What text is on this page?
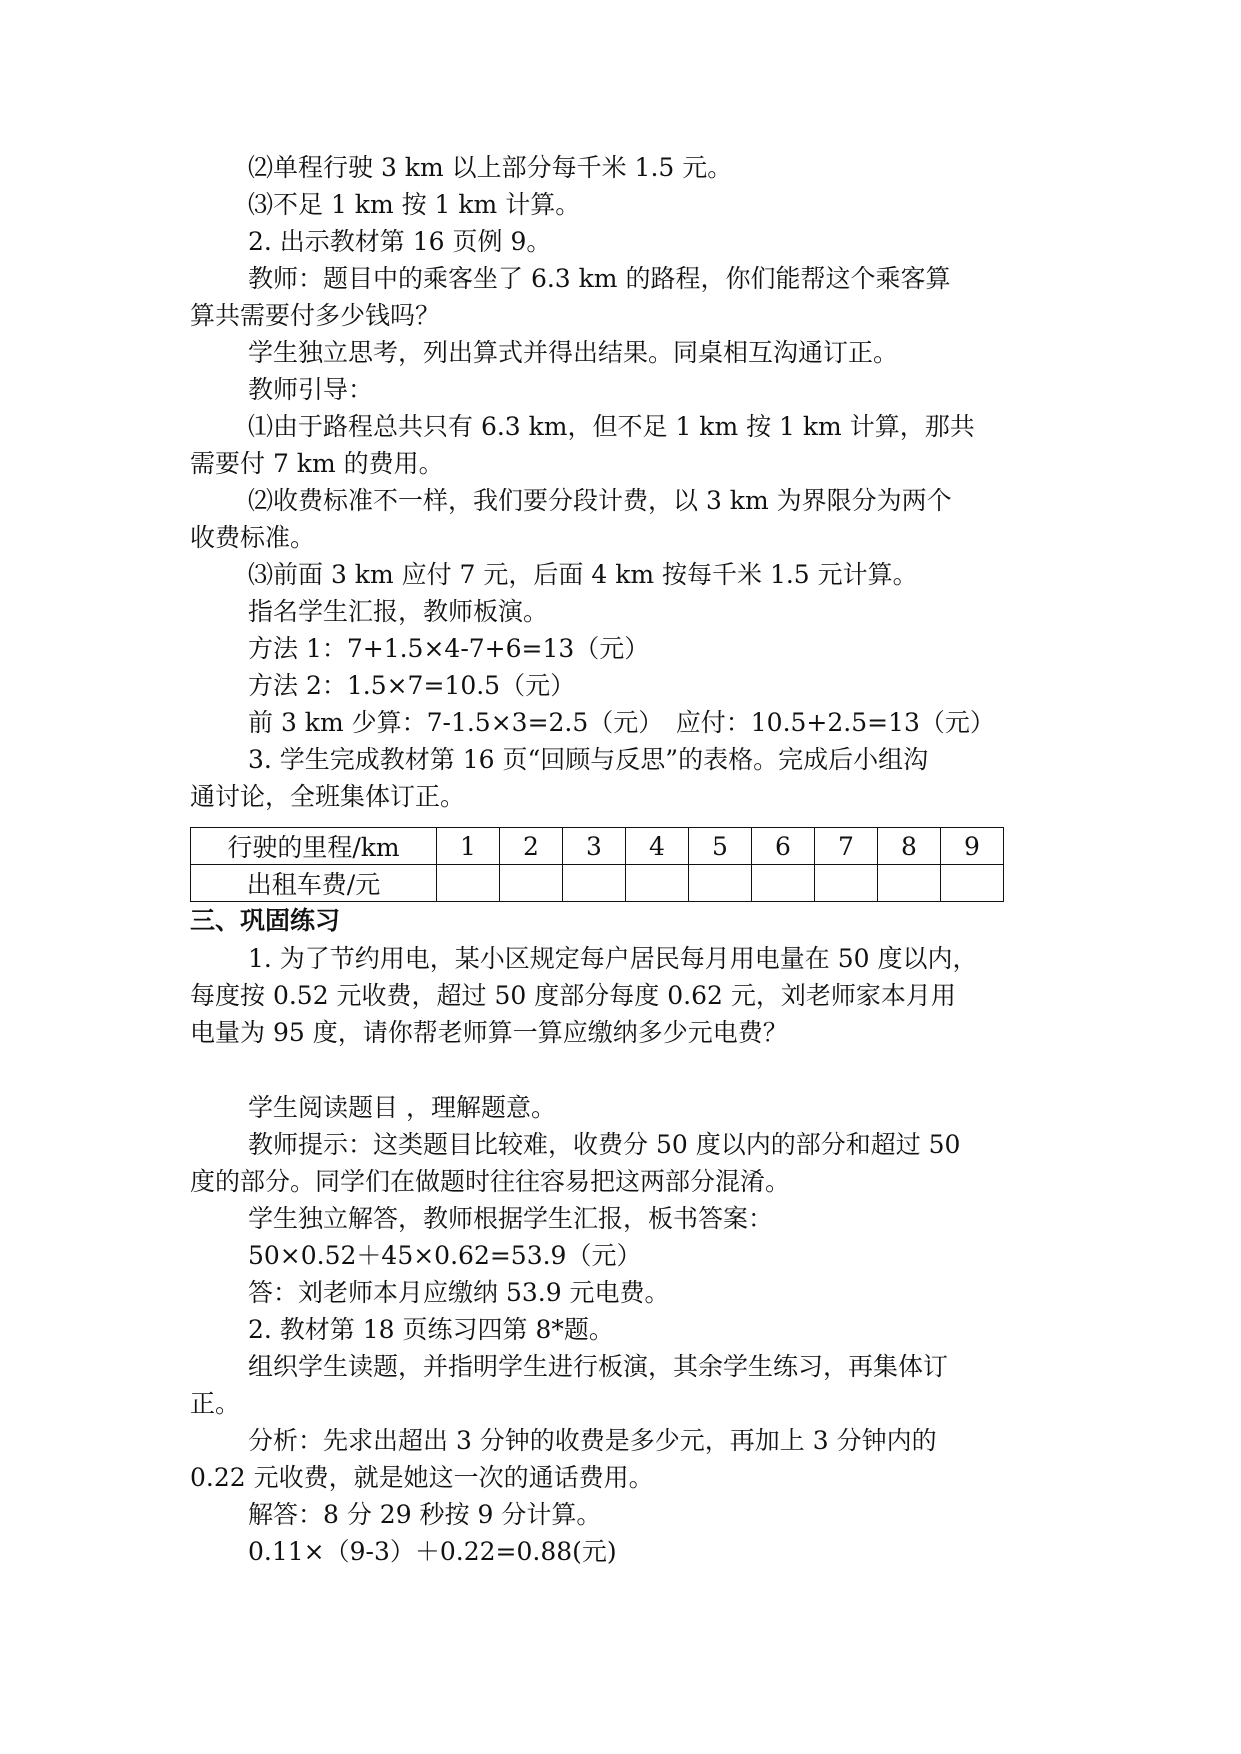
⑵单程行驶 3 km 以上部分每千米 1.5 元。
⑶不足 1 km 按 1 km 计算。
2. 出示教材第 16 页例 9。
教师：题目中的乘客坐了 6.3 km 的路程，你们能帮这个乘客算
算共需要付多少钱吗？
学生独立思考，列出算式并得出结果。同桌相互沟通订正。
教师引导：
⑴由于路程总共只有 6.3 km，但不足 1 km 按 1 km 计算，那共
需要付 7 km 的费用。
⑵收费标准不一样，我们要分段计费，以 3 km 为界限分为两个
收费标准。
⑶前面 3 km 应付 7 元，后面 4 km 按每千米 1.5 元计算。
指名学生汇报，教师板演。
方法 1：7+1.5×4-7+6=13（元）
方法 2：1.5×7=10.5（元）
前 3 km 少算：7-1.5×3=2.5（元）　应付：10.5+2.5=13（元）
3. 学生完成教材第 16 页“回顾与反思”的表格。完成后小组沟
通讨论，全班集体订正。
行驶的里程/km	1	2	3	4	5	6	7	8	9
出租车费/元									
三、巩固练习
1. 为了节约用电，某小区规定每户居民每月用电量在 50 度以内，
每度按 0.52 元收费，超过 50 度部分每度 0.62 元，刘老师家本月用
电量为 95 度，请你帮老师算一算应缴纳多少元电费？
学生阅读题目 ，理解题意。
教师提示：这类题目比较难，收费分 50 度以内的部分和超过 50
度的部分。同学们在做题时往往容易把这两部分混淆。
学生独立解答，教师根据学生汇报，板书答案：
50×0.52＋45×0.62=53.9（元）
答：刘老师本月应缴纳 53.9 元电费。
2. 教材第 18 页练习四第 8*题。
组织学生读题，并指明学生进行板演，其余学生练习，再集体订
正。
分析：先求出超出 3 分钟的收费是多少元，再加上 3 分钟内的
0.22 元收费，就是她这一次的通话费用。
解答：8 分 29 秒按 9 分计算。
0.11×（9-3）＋0.22=0.88(元)
